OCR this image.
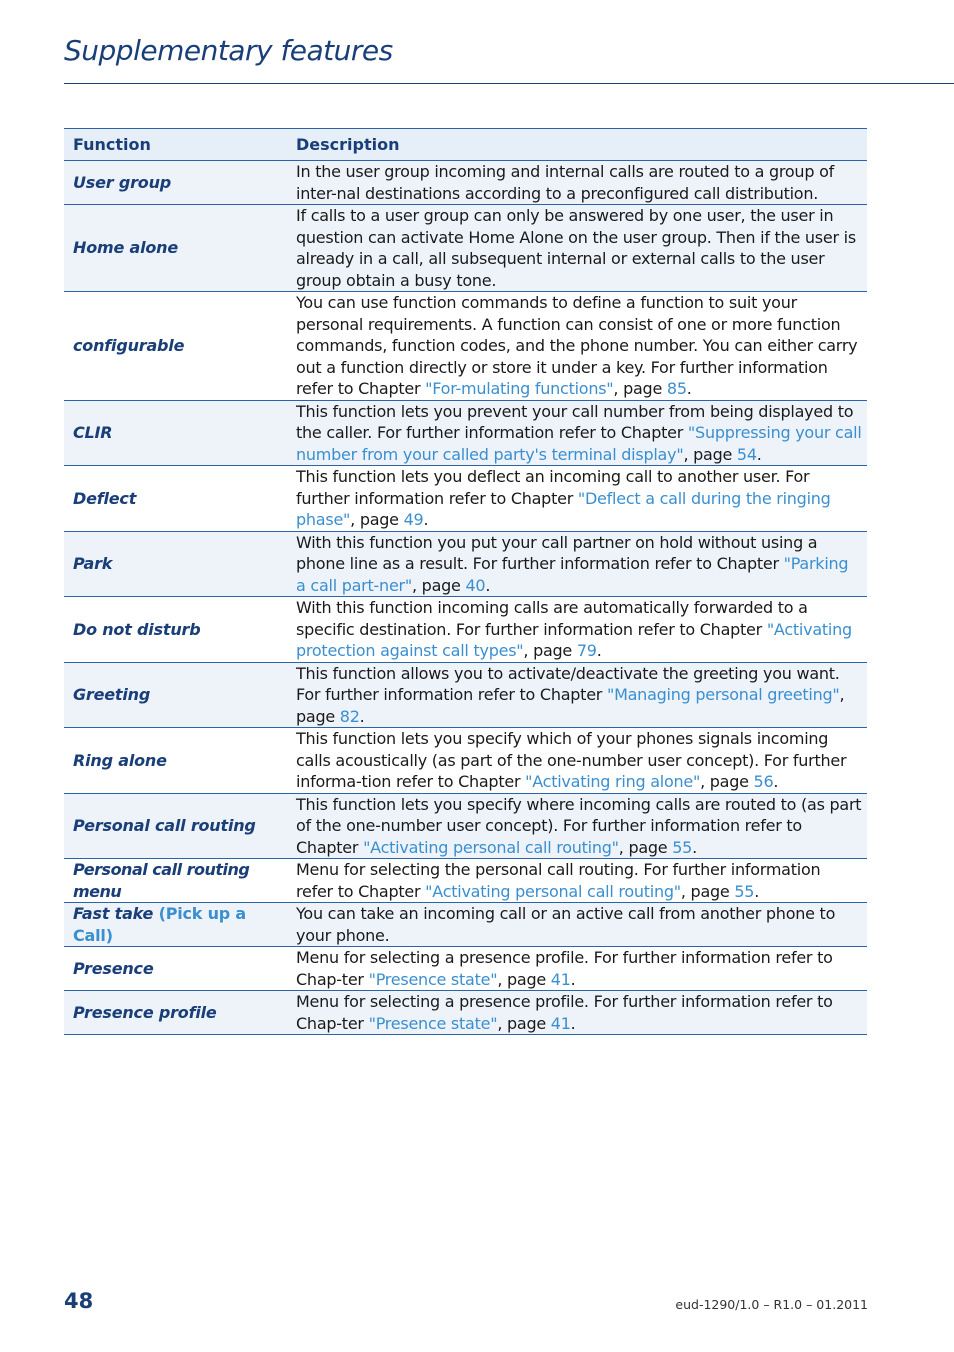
Supplementary features
Function	Description
User group	In the user group incoming and internal calls are routed to a group of inter-nal destinations according to a preconfigured call distribution.
Home alone	If calls to a user group can only be answered by one user, the user in question can activate Home Alone on the user group. Then if the user is already in a call, all subsequent internal or external calls to the user group obtain a busy tone.
configurable	You can use function commands to define a function to suit your personal requirements. A function can consist of one or more function commands, function codes, and the phone number. You can either carry out a function directly or store it under a key. For further information refer to Chapter "For-mulating functions", page 85.
CLIR	This function lets you prevent your call number from being displayed to the caller. For further information refer to Chapter "Suppressing your call number from your called party's terminal display", page 54.
Deflect	This function lets you deflect an incoming call to another user. For further information refer to Chapter "Deflect a call during the ringing phase", page 49.
Park	With this function you put your call partner on hold without using a phone line as a result. For further information refer to Chapter "Parking a call part-ner", page 40.
Do not disturb	With this function incoming calls are automatically forwarded to a specific destination. For further information refer to Chapter "Activating protection against call types", page 79.
Greeting	This function allows you to activate/deactivate the greeting you want. For further information refer to Chapter "Managing personal greeting", page 82.
Ring alone	This function lets you specify which of your phones signals incoming calls acoustically (as part of the one-number user concept). For further informa-tion refer to Chapter "Activating ring alone", page 56.
Personal call routing	This function lets you specify where incoming calls are routed to (as part of the one-number user concept). For further information refer to Chapter "Activating personal call routing", page 55.
Personal call routing menu	Menu for selecting the personal call routing. For further information refer to Chapter "Activating personal call routing", page 55.
Fast take (Pick up a Call)	You can take an incoming call or an active call from another phone to your phone.
Presence	Menu for selecting a presence profile. For further information refer to Chap-ter "Presence state", page 41.
Presence profile	Menu for selecting a presence profile. For further information refer to Chap-ter "Presence state", page 41.
48	eud-1290/1.0 – R1.0 – 01.2011
